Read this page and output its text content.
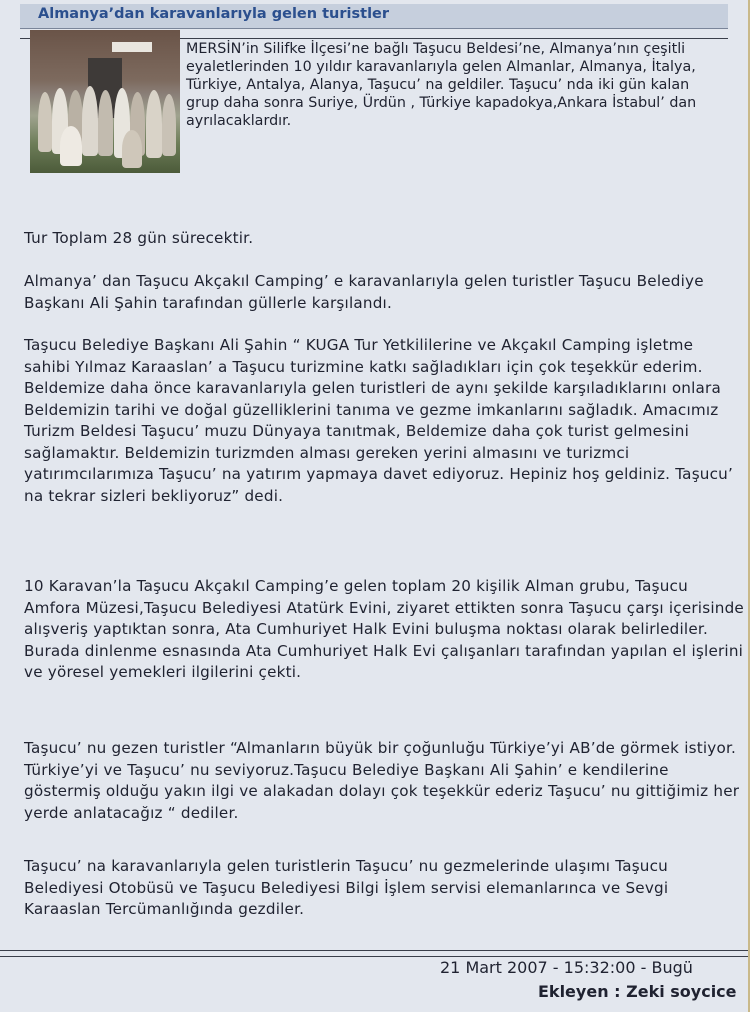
Almanya’dan karavanlarıyla gelen turistler
MERSİN’in Silifke İlçesi’ne bağlı Taşucu Beldesi’ne, Almanya’nın çeşitli eyaletlerinden 10 yıldır karavanlarıyla gelen Almanlar, Almanya, İtalya, Türkiye, Antalya, Alanya, Taşucu’ na geldiler. Taşucu’ nda iki gün kalan grup daha sonra Suriye, Ürdün , Türkiye kapadokya,Ankara İstabul’ dan ayrılacaklardır.
Tur Toplam 28 gün sürecektir.
Almanya’ dan Taşucu Akçakıl Camping’ e karavanlarıyla gelen turistler Taşucu Belediye Başkanı Ali Şahin tarafından güllerle karşılandı.
Taşucu Belediye Başkanı Ali Şahin “ KUGA Tur Yetkililerine ve Akçakıl Camping işletme sahibi Yılmaz Karaaslan’ a Taşucu turizmine katkı sağladıkları için çok teşekkür ederim. Beldemize daha önce karavanlarıyla gelen turistleri de aynı şekilde karşıladıklarını onlara Beldemizin tarihi ve doğal güzelliklerini tanıma ve gezme imkanlarını sağladık. Amacımız Turizm Beldesi Taşucu’ muzu Dünyaya tanıtmak, Beldemize daha çok turist gelmesini sağlamaktır. Beldemizin turizmden alması gereken yerini almasını ve turizmci yatırımcılarımıza Taşucu’ na yatırım yapmaya davet ediyoruz. Hepiniz hoş geldiniz. Taşucu’ na tekrar sizleri bekliyoruz” dedi.
10 Karavan’la Taşucu Akçakıl Camping’e gelen toplam 20 kişilik Alman grubu, Taşucu Amfora Müzesi,Taşucu Belediyesi Atatürk Evini, ziyaret ettikten sonra Taşucu çarşı içerisinde alışveriş yaptıktan sonra, Ata Cumhuriyet Halk Evini buluşma noktası olarak belirlediler. Burada dinlenme esnasında Ata Cumhuriyet Halk Evi çalışanları tarafından yapılan el işlerini ve yöresel yemekleri ilgilerini çekti.
Taşucu’ nu gezen turistler “Almanların büyük bir çoğunluğu Türkiye’yi AB’de görmek istiyor. Türkiye’yi ve Taşucu’ nu seviyoruz.Taşucu Belediye Başkanı Ali Şahin’ e kendilerine göstermiş olduğu yakın ilgi ve alakadan dolayı çok teşekkür ederiz Taşucu’ nu gittiğimiz her yerde anlatacağız “ dediler.
Taşucu’ na karavanlarıyla gelen turistlerin Taşucu’ nu gezmelerinde ulaşımı Taşucu Belediyesi Otobüsü ve Taşucu Belediyesi Bilgi İşlem servisi elemanlarınca ve Sevgi Karaaslan Tercümanlığında gezdiler.
21 Mart 2007 - 15:32:00 - Bugü
Ekleyen : Zeki soycice
